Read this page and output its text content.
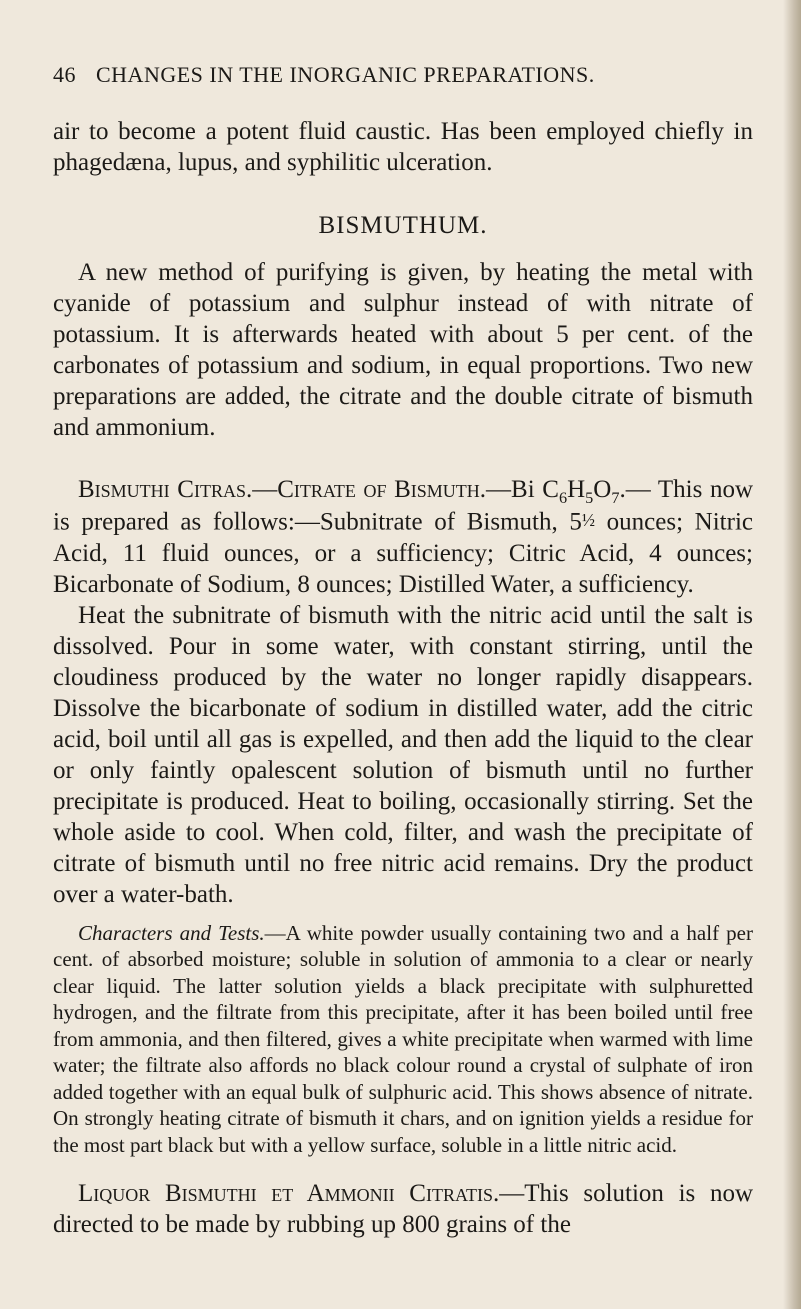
46 CHANGES IN THE INORGANIC PREPARATIONS.

air to become a potent fluid caustic. Has been employed chiefly in phagedæna, lupus, and syphilitic ulceration.

BISMUTHUM.

A new method of purifying is given, by heating the metal with cyanide of potassium and sulphur instead of with nitrate of potassium. It is afterwards heated with about 5 per cent. of the carbonates of potassium and sodium, in equal proportions. Two new preparations are added, the citrate and the double citrate of bismuth and ammonium.

Bismuthi Citras.—Citrate of Bismuth.—Bi $C_6H_5O_7.—$ This now is prepared as follows:—Subnitrate of Bismuth, 5½ ounces; Nitric Acid, 11 fluid ounces, or a sufficiency; Citric Acid, 4 ounces; Bicarbonate of Sodium, 8 ounces; Distilled Water, a sufficiency.

Heat the subnitrate of bismuth with the nitric acid until the salt is dissolved. Pour in some water, with constant stirring, until the cloudiness produced by the water no longer rapidly disappears. Dissolve the bicarbonate of sodium in distilled water, add the citric acid, boil until all gas is expelled, and then add the liquid to the clear or only faintly opalescent solution of bismuth until no further precipitate is produced. Heat to boiling, occasionally stirring. Set the whole aside to cool. When cold, filter, and wash the precipitate of citrate of bismuth until no free nitric acid remains. Dry the product over a water-bath.

Characters and Tests.—A white powder usually containing two and a half per cent. of absorbed moisture; soluble in solution of ammonia to a clear or nearly clear liquid. The latter solution yields a black precipitate with sulphuretted hydrogen, and the filtrate from this precipitate, after it has been boiled until free from ammonia, and then filtered, gives a white precipitate when warmed with lime water; the filtrate also affords no black colour round a crystal of sulphate of iron added together with an equal bulk of sulphuric acid. This shows absence of nitrate. On strongly heating citrate of bismuth it chars, and on ignition yields a residue for the most part black but with a yellow surface, soluble in a little nitric acid.

Liquor Bismuthi et Ammonii Citratis.—This solution is now directed to be made by rubbing up 800 grains of the
